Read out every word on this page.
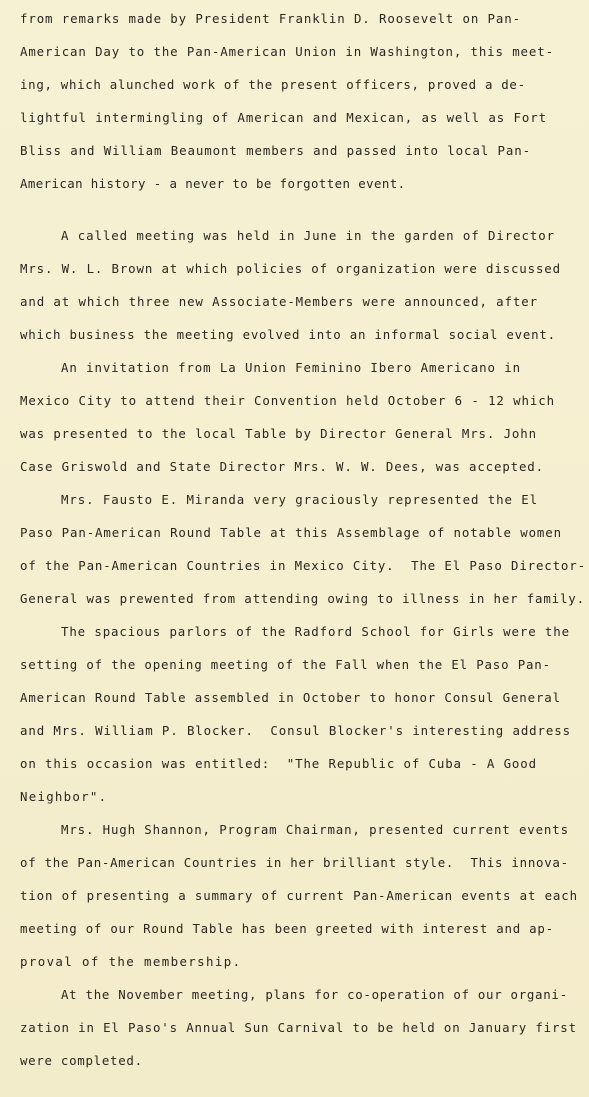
from remarks made by President Franklin D. Roosevelt on Pan-
American Day to the Pan-American Union in Washington, this meet-
ing, which alunched work of the present officers, proved a de-
lightful intermingling of American and Mexican, as well as Fort
Bliss and William Beaumont members and passed into local Pan-
American history - a never to be forgotten event.
A called meeting was held in June in the garden of Director
Mrs. W. L. Brown at which policies of organization were discussed
and at which three new Associate-Members were announced, after
which business the meeting evolved into an informal social event.
An invitation from La Union Feminino Ibero Americano in
Mexico City to attend their Convention held October 6 - 12 which
was presented to the local Table by Director General Mrs. John
Case Griswold and State Director Mrs. W. W. Dees, was accepted.
Mrs. Fausto E. Miranda very graciously represented the El
Paso Pan-American Round Table at this Assemblage of notable women
of the Pan-American Countries in Mexico City.  The El Paso Director-
General was prewented from attending owing to illness in her family.
The spacious parlors of the Radford School for Girls were the
setting of the opening meeting of the Fall when the El Paso Pan-
American Round Table assembled in October to honor Consul General
and Mrs. William P. Blocker.  Consul Blocker's interesting address
on this occasion was entitled:  "The Republic of Cuba - A Good
Neighbor".
Mrs. Hugh Shannon, Program Chairman, presented current events
of the Pan-American Countries in her brilliant style.  This innova-
tion of presenting a summary of current Pan-American events at each
meeting of our Round Table has been greeted with interest and ap-
proval of the membership.
At the November meeting, plans for co-operation of our organi-
zation in El Paso's Annual Sun Carnival to be held on January first
were completed.
